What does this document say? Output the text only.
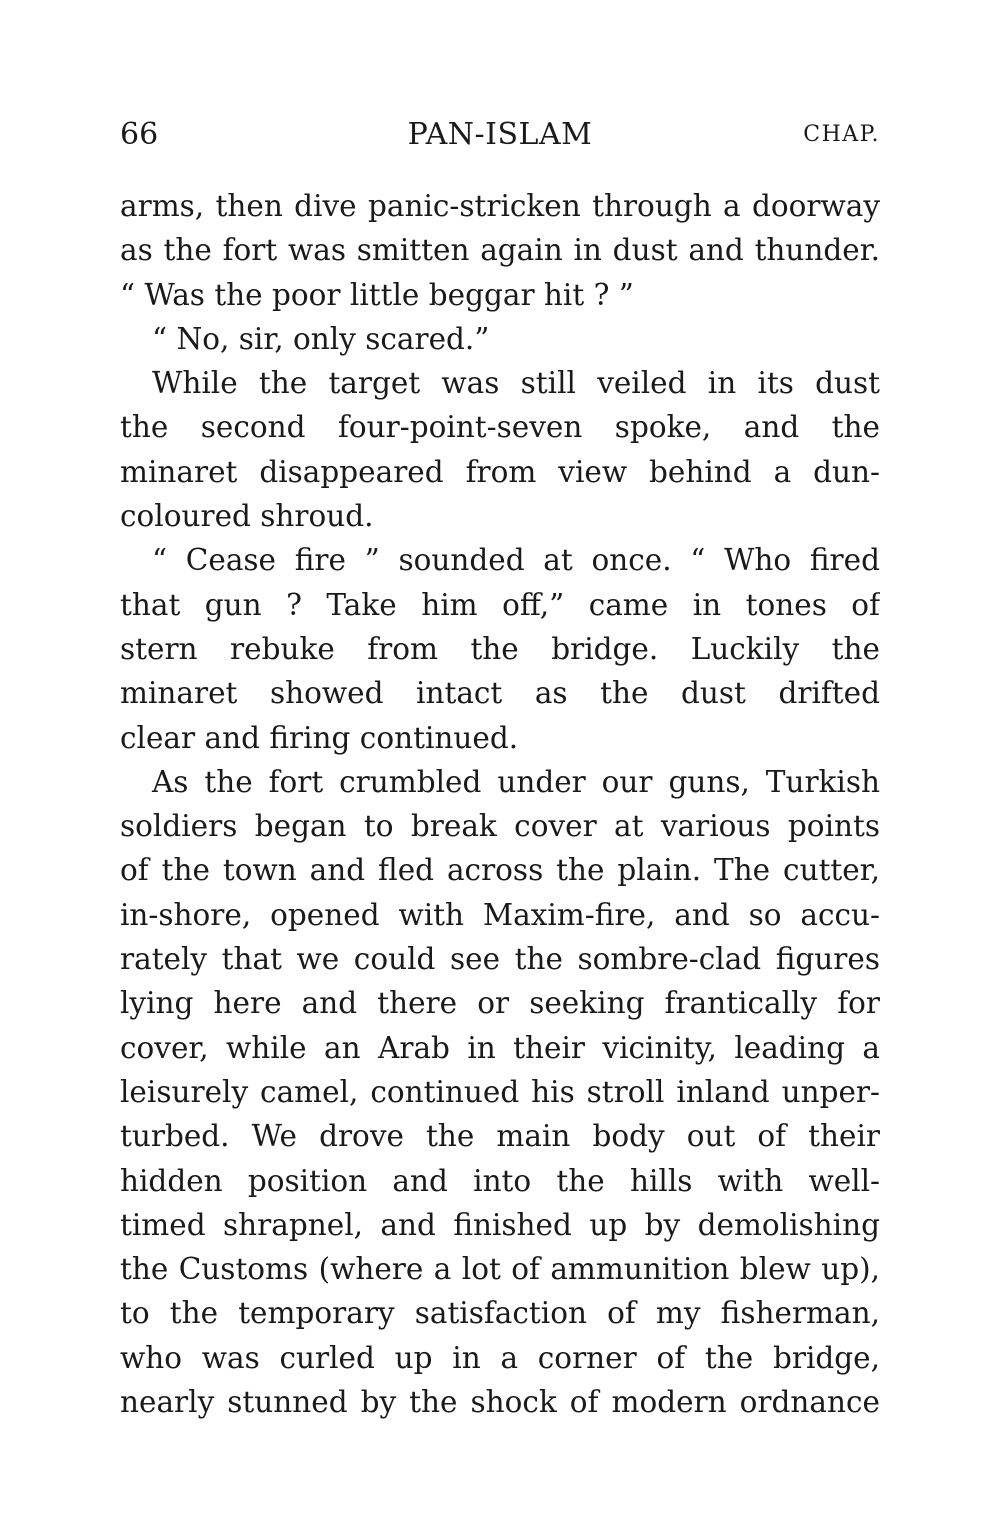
66	PAN-ISLAM	CHAP.
arms, then dive panic-stricken through a doorway
as the fort was smitten again in dust and thunder.
“ Was the poor little beggar hit ? ”
“ No, sir, only scared.”
While the target was still veiled in its dust
the second four-point-seven spoke, and the
minaret disappeared from view behind a dun-
coloured shroud.
“ Cease fire ” sounded at once. “ Who fired
that gun ? Take him off,” came in tones of
stern rebuke from the bridge. Luckily the
minaret showed intact as the dust drifted
clear and firing continued.
As the fort crumbled under our guns, Turkish
soldiers began to break cover at various points
of the town and fled across the plain. The cutter,
in-shore, opened with Maxim-fire, and so accu-
rately that we could see the sombre-clad figures
lying here and there or seeking frantically for
cover, while an Arab in their vicinity, leading a
leisurely camel, continued his stroll inland unper-
turbed. We drove the main body out of their
hidden position and into the hills with well-
timed shrapnel, and finished up by demolishing
the Customs (where a lot of ammunition blew up),
to the temporary satisfaction of my fisherman,
who was curled up in a corner of the bridge,
nearly stunned by the shock of modern ordnance
